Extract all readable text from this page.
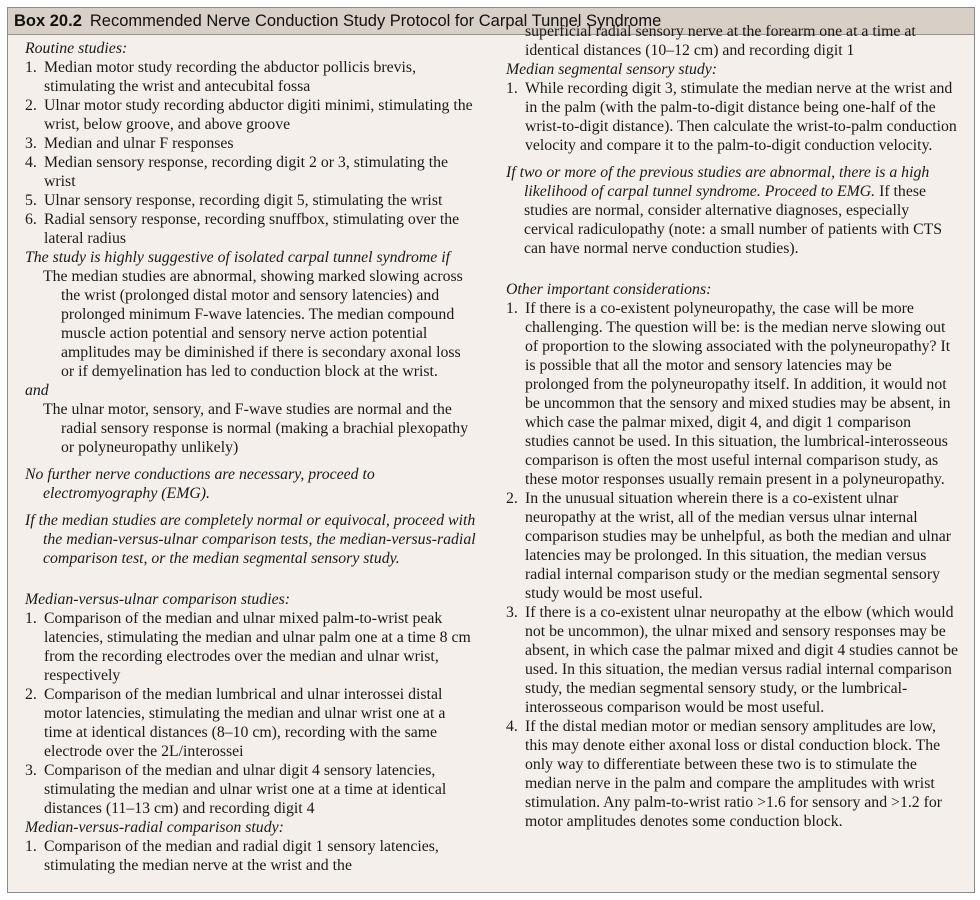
Box 20.2 Recommended Nerve Conduction Study Protocol for Carpal Tunnel Syndrome

Routine studies:

1. Median motor study recording the abductor pollicis brevis, stimulating the wrist and antecubital fossa
2. Ulnar motor study recording abductor digiti minimi, stimulating the wrist, below groove, and above groove
3. Median and ulnar F responses
4. Median sensory response, recording digit 2 or 3, stimulating the wrist
5. Ulnar sensory response, recording digit 5, stimulating the wrist
6. Radial sensory response, recording snuffbox, stimulating over the lateral radius

The study is highly suggestive of isolated carpal tunnel syndrome if

The median studies are abnormal, showing marked slowing across the wrist (prolonged distal motor and sensory latencies) and prolonged minimum F-wave latencies. The median compound muscle action potential and sensory nerve action potential amplitudes may be diminished if there is secondary axonal loss or if demyelination has led to conduction block at the wrist.

and

The ulnar motor, sensory, and F-wave studies are normal and the radial sensory response is normal (making a brachial plexopathy or polyneuropathy unlikely)

No further nerve conductions are necessary, proceed to electromyography (EMG).

If the median studies are completely normal or equivocal, proceed with the median-versus-ulnar comparison tests, the median-versus-radial comparison test, or the median segmental sensory study.

Median-versus-ulnar comparison studies:

1. Comparison of the median and ulnar mixed palm-to-wrist peak latencies, stimulating the median and ulnar palm one at a time 8 cm from the recording electrodes over the median and ulnar wrist, respectively
2. Comparison of the median lumbrical and ulnar interossei distal motor latencies, stimulating the median and ulnar wrist one at a time at identical distances (8–10 cm), recording with the same electrode over the 2L/interossei
3. Comparison of the median and ulnar digit 4 sensory latencies, stimulating the median and ulnar wrist one at a time at identical distances (11–13 cm) and recording digit 4

Median-versus-radial comparison study:

1. Comparison of the median and radial digit 1 sensory latencies, stimulating the median nerve at the wrist and the

superficial radial sensory nerve at the forearm one at a time at identical distances (10–12 cm) and recording digit 1

Median segmental sensory study:

1. While recording digit 3, stimulate the median nerve at the wrist and in the palm (with the palm-to-digit distance being one-half of the wrist-to-digit distance). Then calculate the wrist-to-palm conduction velocity and compare it to the palm-to-digit conduction velocity.

If two or more of the previous studies are abnormal, there is a high likelihood of carpal tunnel syndrome. Proceed to EMG. If these studies are normal, consider alternative diagnoses, especially cervical radiculopathy (note: a small number of patients with CTS can have normal nerve conduction studies).

Other important considerations:

1. If there is a co-existent polyneuropathy, the case will be more challenging. The question will be: is the median nerve slowing out of proportion to the slowing associated with the polyneuropathy? It is possible that all the motor and sensory latencies may be prolonged from the polyneuropathy itself. In addition, it would not be uncommon that the sensory and mixed studies may be absent, in which case the palmar mixed, digit 4, and digit 1 comparison studies cannot be used. In this situation, the lumbrical-interosseous comparison is often the most useful internal comparison study, as these motor responses usually remain present in a polyneuropathy.
2. In the unusual situation wherein there is a co-existent ulnar neuropathy at the wrist, all of the median versus ulnar internal comparison studies may be unhelpful, as both the median and ulnar latencies may be prolonged. In this situation, the median versus radial internal comparison study or the median segmental sensory study would be most useful.
3. If there is a co-existent ulnar neuropathy at the elbow (which would not be uncommon), the ulnar mixed and sensory responses may be absent, in which case the palmar mixed and digit 4 studies cannot be used. In this situation, the median versus radial internal comparison study, the median segmental sensory study, or the lumbrical-interosseous comparison would be most useful.
4. If the distal median motor or median sensory amplitudes are low, this may denote either axonal loss or distal conduction block. The only way to differentiate between these two is to stimulate the median nerve in the palm and compare the amplitudes with wrist stimulation. Any palm-to-wrist ratio >1.6 for sensory and >1.2 for motor amplitudes denotes some conduction block.
